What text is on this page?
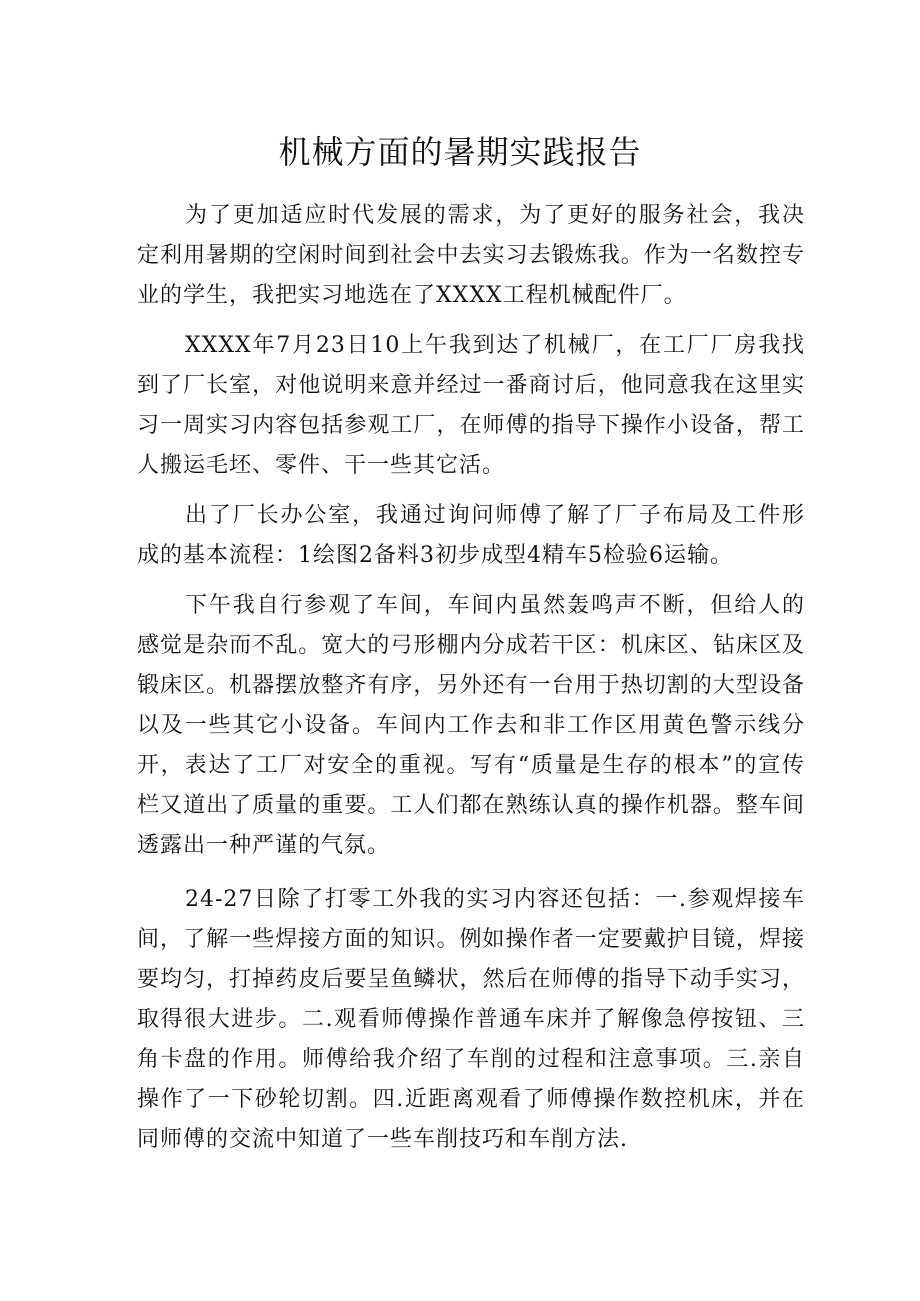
机械方面的暑期实践报告

为了更加适应时代发展的需求，为了更好的服务社会，我决定利用暑期的空闲时间到社会中去实习去锻炼我。作为一名数控专业的学生，我把实习地选在了XXXX工程机械配件厂。

XXXX年7月23日10上午我到达了机械厂，在工厂厂房我找到了厂长室，对他说明来意并经过一番商讨后，他同意我在这里实习一周实习内容包括参观工厂，在师傅的指导下操作小设备，帮工人搬运毛坯、零件、干一些其它活。

出了厂长办公室，我通过询问师傅了解了厂子布局及工件形成的基本流程：1绘图2备料3初步成型4精车5检验6运输。

下午我自行参观了车间，车间内虽然轰鸣声不断，但给人的感觉是杂而不乱。宽大的弓形棚内分成若干区：机床区、钻床区及锻床区。机器摆放整齐有序，另外还有一台用于热切割的大型设备以及一些其它小设备。车间内工作去和非工作区用黄色警示线分开，表达了工厂对安全的重视。写有“质量是生存的根本”的宣传栏又道出了质量的重要。工人们都在熟练认真的操作机器。整车间透露出一种严谨的气氛。

24-27日除了打零工外我的实习内容还包括：一.参观焊接车间，了解一些焊接方面的知识。例如操作者一定要戴护目镜，焊接要均匀，打掉药皮后要呈鱼鳞状，然后在师傅的指导下动手实习，取得很大进步。二.观看师傅操作普通车床并了解像急停按钮、三角卡盘的作用。师傅给我介绍了车削的过程和注意事项。三.亲自操作了一下砂轮切割。四.近距离观看了师傅操作数控机床，并在同师傅的交流中知道了一些车削技巧和车削方法.
